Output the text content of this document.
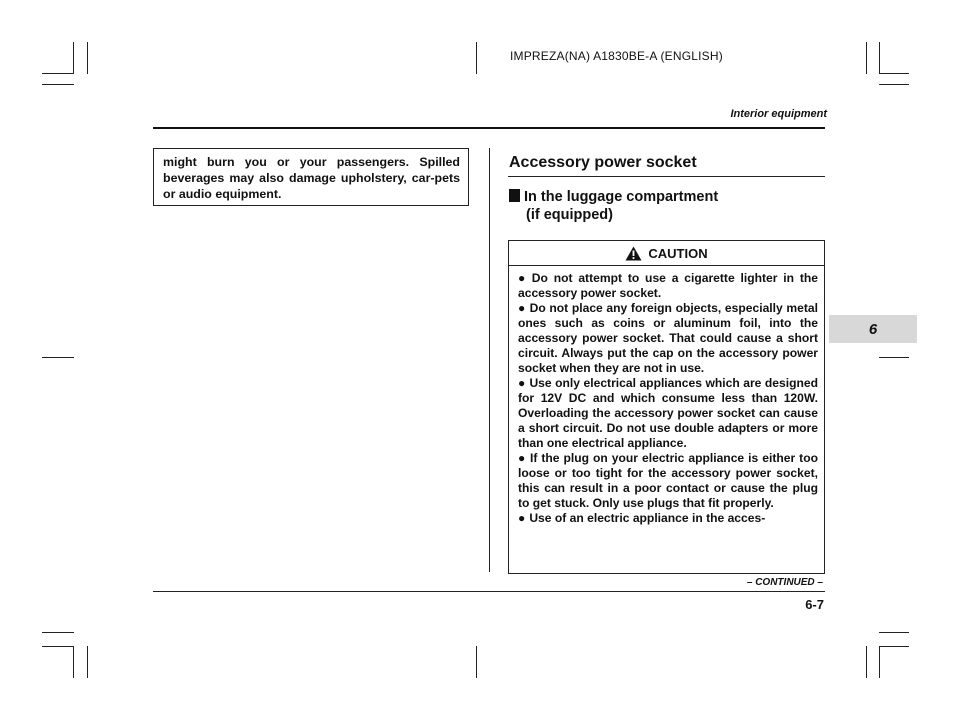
IMPREZA(NA) A1830BE-A (ENGLISH)
Interior equipment
might burn you or your passengers. Spilled beverages may also damage upholstery, car-pets or audio equipment.
Accessory power socket
In the luggage compartment
(if equipped)
CAUTION

● Do not attempt to use a cigarette lighter in the accessory power socket.

● Do not place any foreign objects, especially metal ones such as coins or aluminum foil, into the accessory power socket. That could cause a short circuit. Always put the cap on the accessory power socket when they are not in use.

● Use only electrical appliances which are designed for 12V DC and which consume less than 120W. Overloading the accessory power socket can cause a short circuit. Do not use double adapters or more than one electrical appliance.

● If the plug on your electric appliance is either too loose or too tight for the accessory power socket, this can result in a poor contact or cause the plug to get stuck. Only use plugs that fit properly.

● Use of an electric appliance in the acces-

6
– CONTINUED –
6-7
